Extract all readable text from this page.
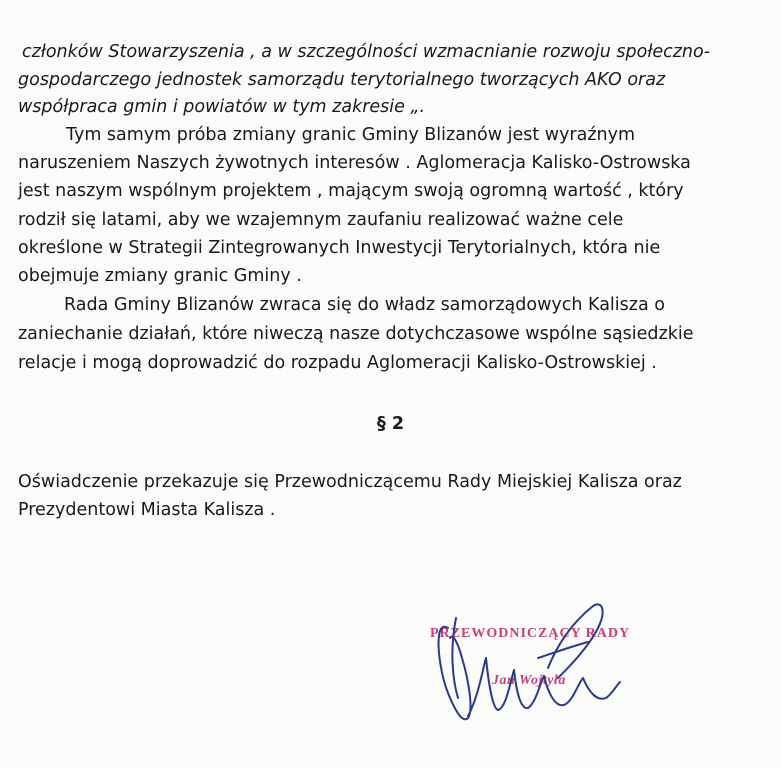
członków Stowarzyszenia , a w szczególności wzmacnianie rozwoju społeczno-
gospodarczego jednostek samorządu terytorialnego tworzących AKO oraz
współpraca gmin i powiatów w tym zakresie „.
Tym samym próba zmiany granic Gminy Blizanów jest wyraźnym
naruszeniem Naszych żywotnych interesów . Aglomeracja Kalisko-Ostrowska
jest naszym wspólnym projektem , mającym swoją ogromną wartość , który
rodził się latami, aby we wzajemnym zaufaniu realizować ważne cele
określone w Strategii Zintegrowanych Inwestycji Terytorialnych, która nie
obejmuje zmiany granic Gminy .
Rada Gminy Blizanów zwraca się do władz samorządowych Kalisza o
zaniechanie działań, które niweczą nasze dotychczasowe wspólne sąsiedzkie
relacje i mogą doprowadzić do rozpadu Aglomeracji Kalisko-Ostrowskiej .
§ 2
Oświadczenie przekazuje się Przewodniczącemu Rady Miejskiej Kalisza oraz
Prezydentowi Miasta Kalisza .
PRZEWODNICZĄCY RADY
Jan Wojtyła
